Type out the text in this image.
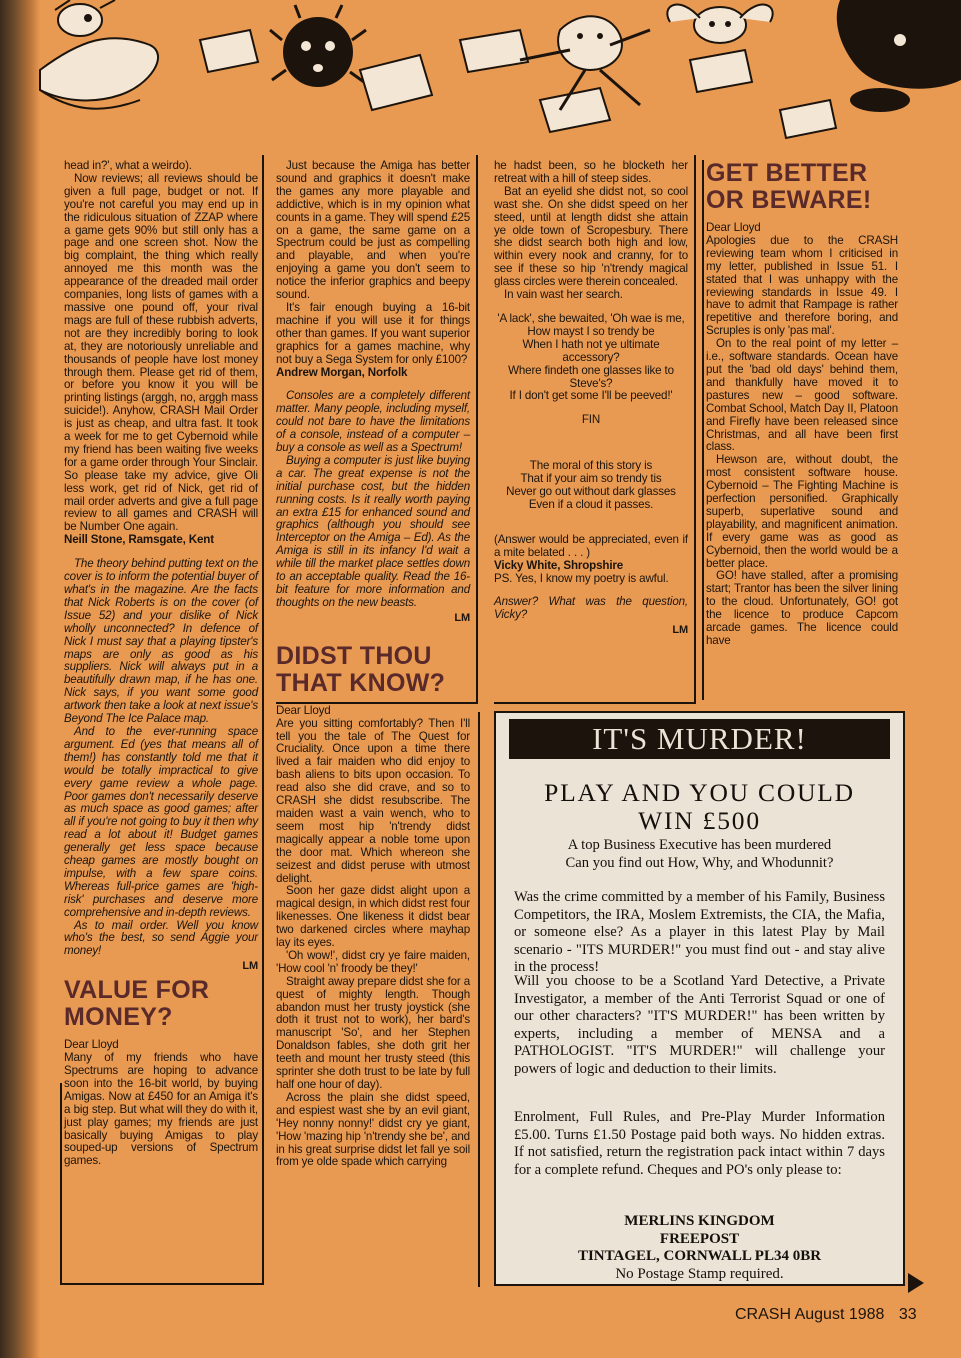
head in?', what a weirdo).

Now reviews; all reviews should be given a full page, budget or not. If you're not careful you may end up in the ridiculous situation of ZZAP where a game gets 90% but still only has a page and one screen shot. Now the big complaint, the thing which really annoyed me this month was the appearance of the dreaded mail order companies, long lists of games with a massive one pound off, your rival mags are full of these rubbish adverts, not are they incredibly boring to look at, they are notoriously unreliable and thousands of people have lost money through them. Please get rid of them, or before you know it you will be printing listings (arggh, no, arggh mass suicide!). Anyhow, CRASH Mail Order is just as cheap, and ultra fast. It took a week for me to get Cybernoid while my friend has been waiting five weeks for a game order through Your Sinclair. So please take my advice, give Oli less work, get rid of Nick, get rid of mail order adverts and give a full page review to all games and CRASH will be Number One again.

Neill Stone, Ramsgate, Kent

The theory behind putting text on the cover is to inform the potential buyer of what's in the magazine. Are the facts that Nick Roberts is on the cover (of Issue 52) and your dislike of Nick wholly unconnected? In defence of Nick I must say that a playing tipster's maps are only as good as his suppliers. Nick will always put in a beautifully drawn map, if he has one. Nick says, if you want some good artwork then take a look at next issue's Beyond The Ice Palace map.

And to the ever-running space argument. Ed (yes that means all of them!) has constantly told me that it would be totally impractical to give every game review a whole page. Poor games don't necessarily deserve as much space as good games; after all if you're not going to buy it then why read a lot about it! Budget games generally get less space because cheap games are mostly bought on impulse, with a few spare coins. Whereas full-price games are 'high-risk' purchases and deserve more comprehensive and in-depth reviews.

As to mail order. Well you know who's the best, so send Aggie your money!

LM
VALUE FOR MONEY?

Dear Lloyd

Many of my friends who have Spectrums are hoping to advance soon into the 16-bit world, by buying Amigas. Now at £450 for an Amiga it's a big step. But what will they do with it, just play games; my friends are just basically buying Amigas to play souped-up versions of Spectrum games.

Just because the Amiga has better sound and graphics it doesn't make the games any more playable and addictive, which is in my opinion what counts in a game. They will spend £25 on a game, the same game on a Spectrum could be just as compelling and playable, and when you're enjoying a game you don't seem to notice the inferior graphics and beepy sound.

It's fair enough buying a 16-bit machine if you will use it for things other than games. If you want superior graphics for a games machine, why not buy a Sega System for only £100?

Andrew Morgan, Norfolk

Consoles are a completely different matter. Many people, including myself, could not bare to have the limitations of a console, instead of a computer – buy a console as well as a Spectrum!

Buying a computer is just like buying a car. The great expense is not the initial purchase cost, but the hidden running costs. Is it really worth paying an extra £15 for enhanced sound and graphics (although you should see Interceptor on the Amiga – Ed). As the Amiga is still in its infancy I'd wait a while till the market place settles down to an acceptable quality. Read the 16-bit feature for more information and thoughts on the new beasts.

LM
DIDST THOU THAT KNOW?

Dear Lloyd

Are you sitting comfortably? Then I'll tell you the tale of The Quest for Cruciality. Once upon a time there lived a fair maiden who did enjoy to bash aliens to bits upon occasion. To read also she did crave, and so to CRASH she didst resubscribe. The maiden wast a vain wench, who to seem most hip 'n'trendy didst magically appear a noble tome upon the door mat. Which whereon she seizest and didst peruse with utmost delight.

Soon her gaze didst alight upon a magical design, in which didst rest four likenesses. One likeness it didst bear two darkened circles where mayhap lay its eyes.

'Oh wow!', didst cry ye faire maiden, 'How cool 'n' froody be they!'

Straight away prepare didst she for a quest of mighty length. Though abandon must her trusty joystick (she doth it trust not to work), her bard's manuscript 'So', and her Stephen Donaldson fables, she doth grit her teeth and mount her trusty steed (this sprinter she doth trust to be late by full half one hour of day).

Across the plain she didst speed, and espiest wast she by an evil giant, 'Hey nonny nonny!' didst cry ye giant, 'How 'mazing hip 'n'trendy she be', and in his great surprise didst let fall ye soil from ye olde spade which carrying

he hadst been, so he blocketh her retreat with a hill of steep sides.

Bat an eyelid she didst not, so cool wast she. On she didst speed on her steed, until at length didst she attain ye olde town of Scropesbury. There she didst search both high and low, within every nook and cranny, for to see if these so hip 'n'trendy magical glass circles were therein concealed.

In vain wast her search.

'A lack', she bewaited, 'Oh wae is me,

How mayst I so trendy be

When I hath not ye ultimate accessory?

Where findeth one glasses like to Steve's?

If I don't get some I'll be peeved!'

FIN

The moral of this story is

That if your aim so trendy tis

Never go out without dark glasses

Even if a cloud it passes.

(Answer would be appreciated, even if a mite belated . . . )

Vicky White, Shropshire

PS. Yes, I know my poetry is awful.

Answer? What was the question, Vicky?

LM
GET BETTER OR BEWARE!

Dear Lloyd

Apologies due to the CRASH reviewing team whom I criticised in my letter, published in Issue 51. I stated that I was unhappy with the reviewing standards in Issue 49. I have to admit that Rampage is rather repetitive and therefore boring, and Scruples is only 'pas mal'.

On to the real point of my letter – i.e., software standards. Ocean have put the 'bad old days' behind them, and thankfully have moved it to pastures new – good software. Combat School, Match Day II, Platoon and Firefly have been released since Christmas, and all have been first class.

Hewson are, without doubt, the most consistent software house. Cybernoid – The Fighting Machine is perfection personified. Graphically superb, superlative sound and playability, and magnificent animation. If every game was as good as Cybernoid, then the world would be a better place.

GO! have stalled, after a promising start; Trantor has been the silver lining to the cloud. Unfortunately, GO! got the licence to produce Capcom arcade games. The licence could have

IT'S MURDER!
PLAY AND YOU COULD
WIN £500
A top Business Executive has been murdered
Can you find out How, Why, and Whodunnit?
Was the crime committed by a member of his Family, Business Competitors, the IRA, Moslem Extremists, the CIA, the Mafia, or someone else? As a player in this latest Play by Mail scenario - "ITS MURDER!" you must find out - and stay alive in the process!
Will you choose to be a Scotland Yard Detective, a Private Investigator, a member of the Anti Terrorist Squad or one of our other characters? "IT'S MURDER!" has been written by experts, including a member of MENSA and a PATHOLOGIST. "IT'S MURDER!" will challenge your powers of logic and deduction to their limits.
Enrolment, Full Rules, and Pre-Play Murder Information £5.00. Turns £1.50 Postage paid both ways. No hidden extras. If not satisfied, return the registration pack intact within 7 days for a complete refund. Cheques and PO's only please to:
MERLINS KINGDOM
FREEPOST
TINTAGEL, CORNWALL PL34 0BR
No Postage Stamp required.
CRASH August 1988 33
